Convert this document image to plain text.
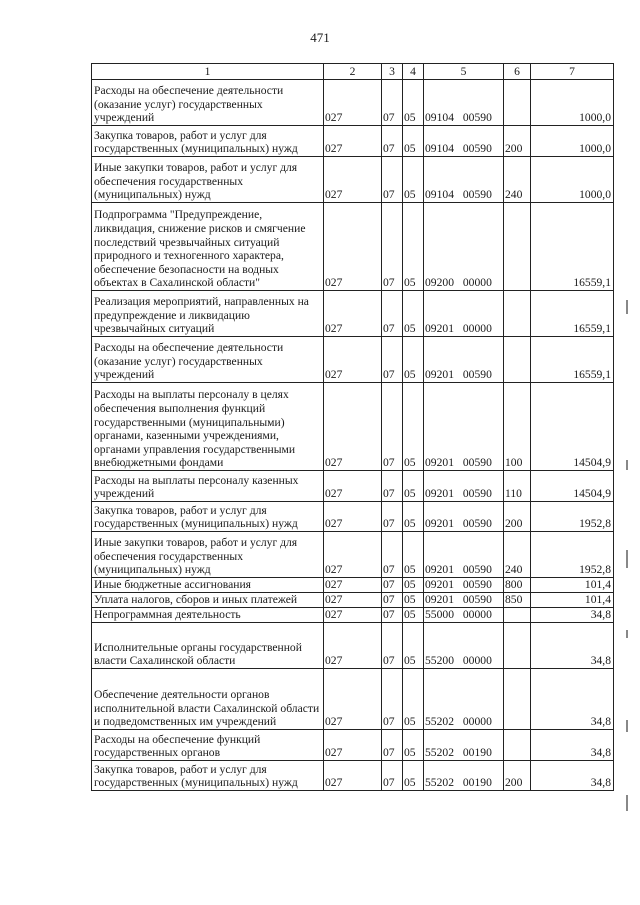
471
1	2	3	4	5	6	7
Расходы на обеспечение деятельности (оказание услуг) государственных учреждений	027	07	05	09104 00590		1000,0
Закупка товаров, работ и услуг для государственных (муниципальных) нужд	027	07	05	09104 00590	200	1000,0
Иные закупки товаров, работ и услуг для обеспечения государственных (муниципальных) нужд	027	07	05	09104 00590	240	1000,0
Подпрограмма "Предупреждение, ликвидация, снижение рисков и смягчение последствий чрезвычайных ситуаций природного и техногенного характера, обеспечение безопасности на водных объектах в Сахалинской области"	027	07	05	09200 00000		16559,1
Реализация мероприятий, направленных на предупреждение и ликвидацию чрезвычайных ситуаций	027	07	05	09201 00000		16559,1
Расходы на обеспечение деятельности (оказание услуг) государственных учреждений	027	07	05	09201 00590		16559,1
Расходы на выплаты персоналу в целях обеспечения выполнения функций государственными (муниципальными) органами, казенными учреждениями, органами управления государственными внебюджетными фондами	027	07	05	09201 00590	100	14504,9
Расходы на выплаты персоналу казенных учреждений	027	07	05	09201 00590	110	14504,9
Закупка товаров, работ и услуг для государственных (муниципальных) нужд	027	07	05	09201 00590	200	1952,8
Иные закупки товаров, работ и услуг для обеспечения государственных (муниципальных) нужд	027	07	05	09201 00590	240	1952,8
Иные бюджетные ассигнования	027	07	05	09201 00590	800	101,4
Уплата налогов, сборов и иных платежей	027	07	05	09201 00590	850	101,4
Непрограммная деятельность	027	07	05	55000 00000		34,8
Исполнительные органы государственной власти Сахалинской области	027	07	05	55200 00000		34,8
Обеспечение деятельности органов исполнительной власти Сахалинской области и подведомственных им учреждений	027	07	05	55202 00000		34,8
Расходы на обеспечение функций государственных органов	027	07	05	55202 00190		34,8
Закупка товаров, работ и услуг для государственных (муниципальных) нужд	027	07	05	55202 00190	200	34,8
